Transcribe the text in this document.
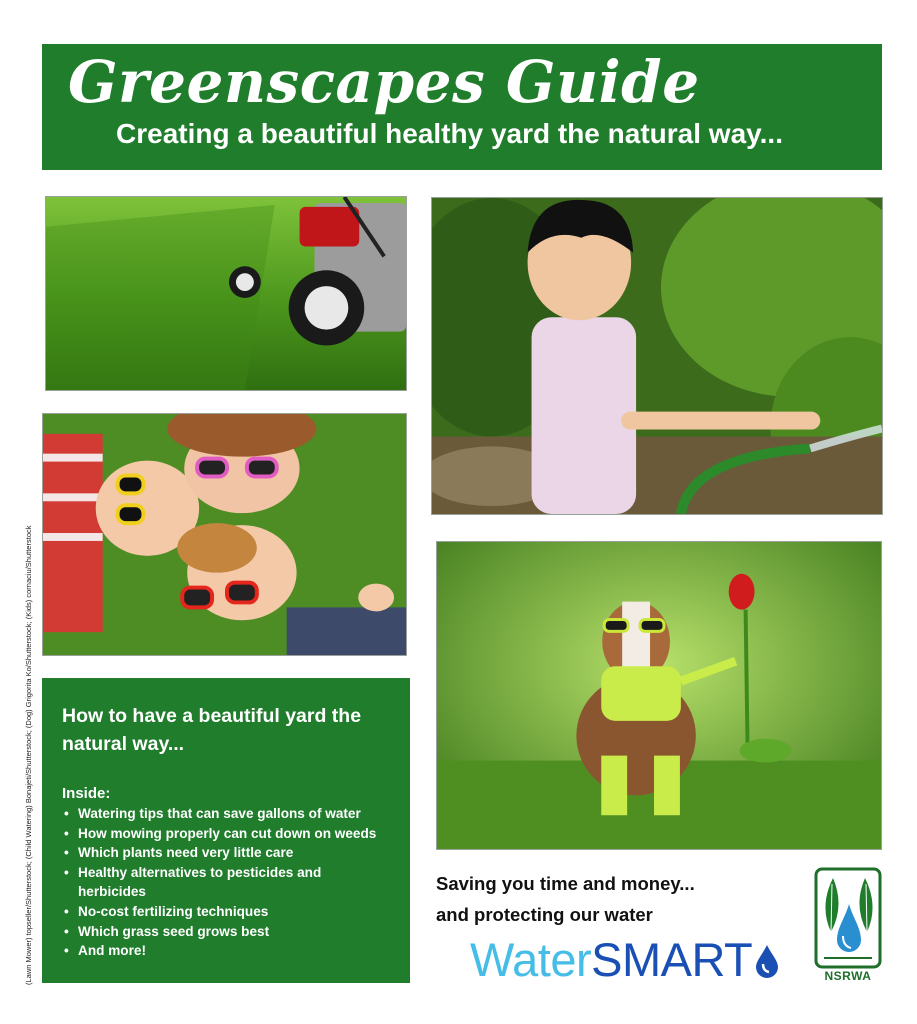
Greenscapes Guide
Creating a beautiful healthy yard the natural way...
(Lawn Mower) topseller/Shutterstock; (Child Watering) Bonajeti/Shutterstock; (Dog) Grigorita Ko/Shutterstock; (Kids) cornaciu/Shutterstock How to have a beautiful yard the natural way...
Inside:
• Watering tips that can save gallons of water
• How mowing properly can cut down on weeds
• Which plants need very little care
• Healthy alternatives to pesticides and herbicides
• No-cost fertilizing techniques
• Which grass seed grows best
• And more!
Saving you time and money...
and protecting our water
Water SMART	NSRWA
